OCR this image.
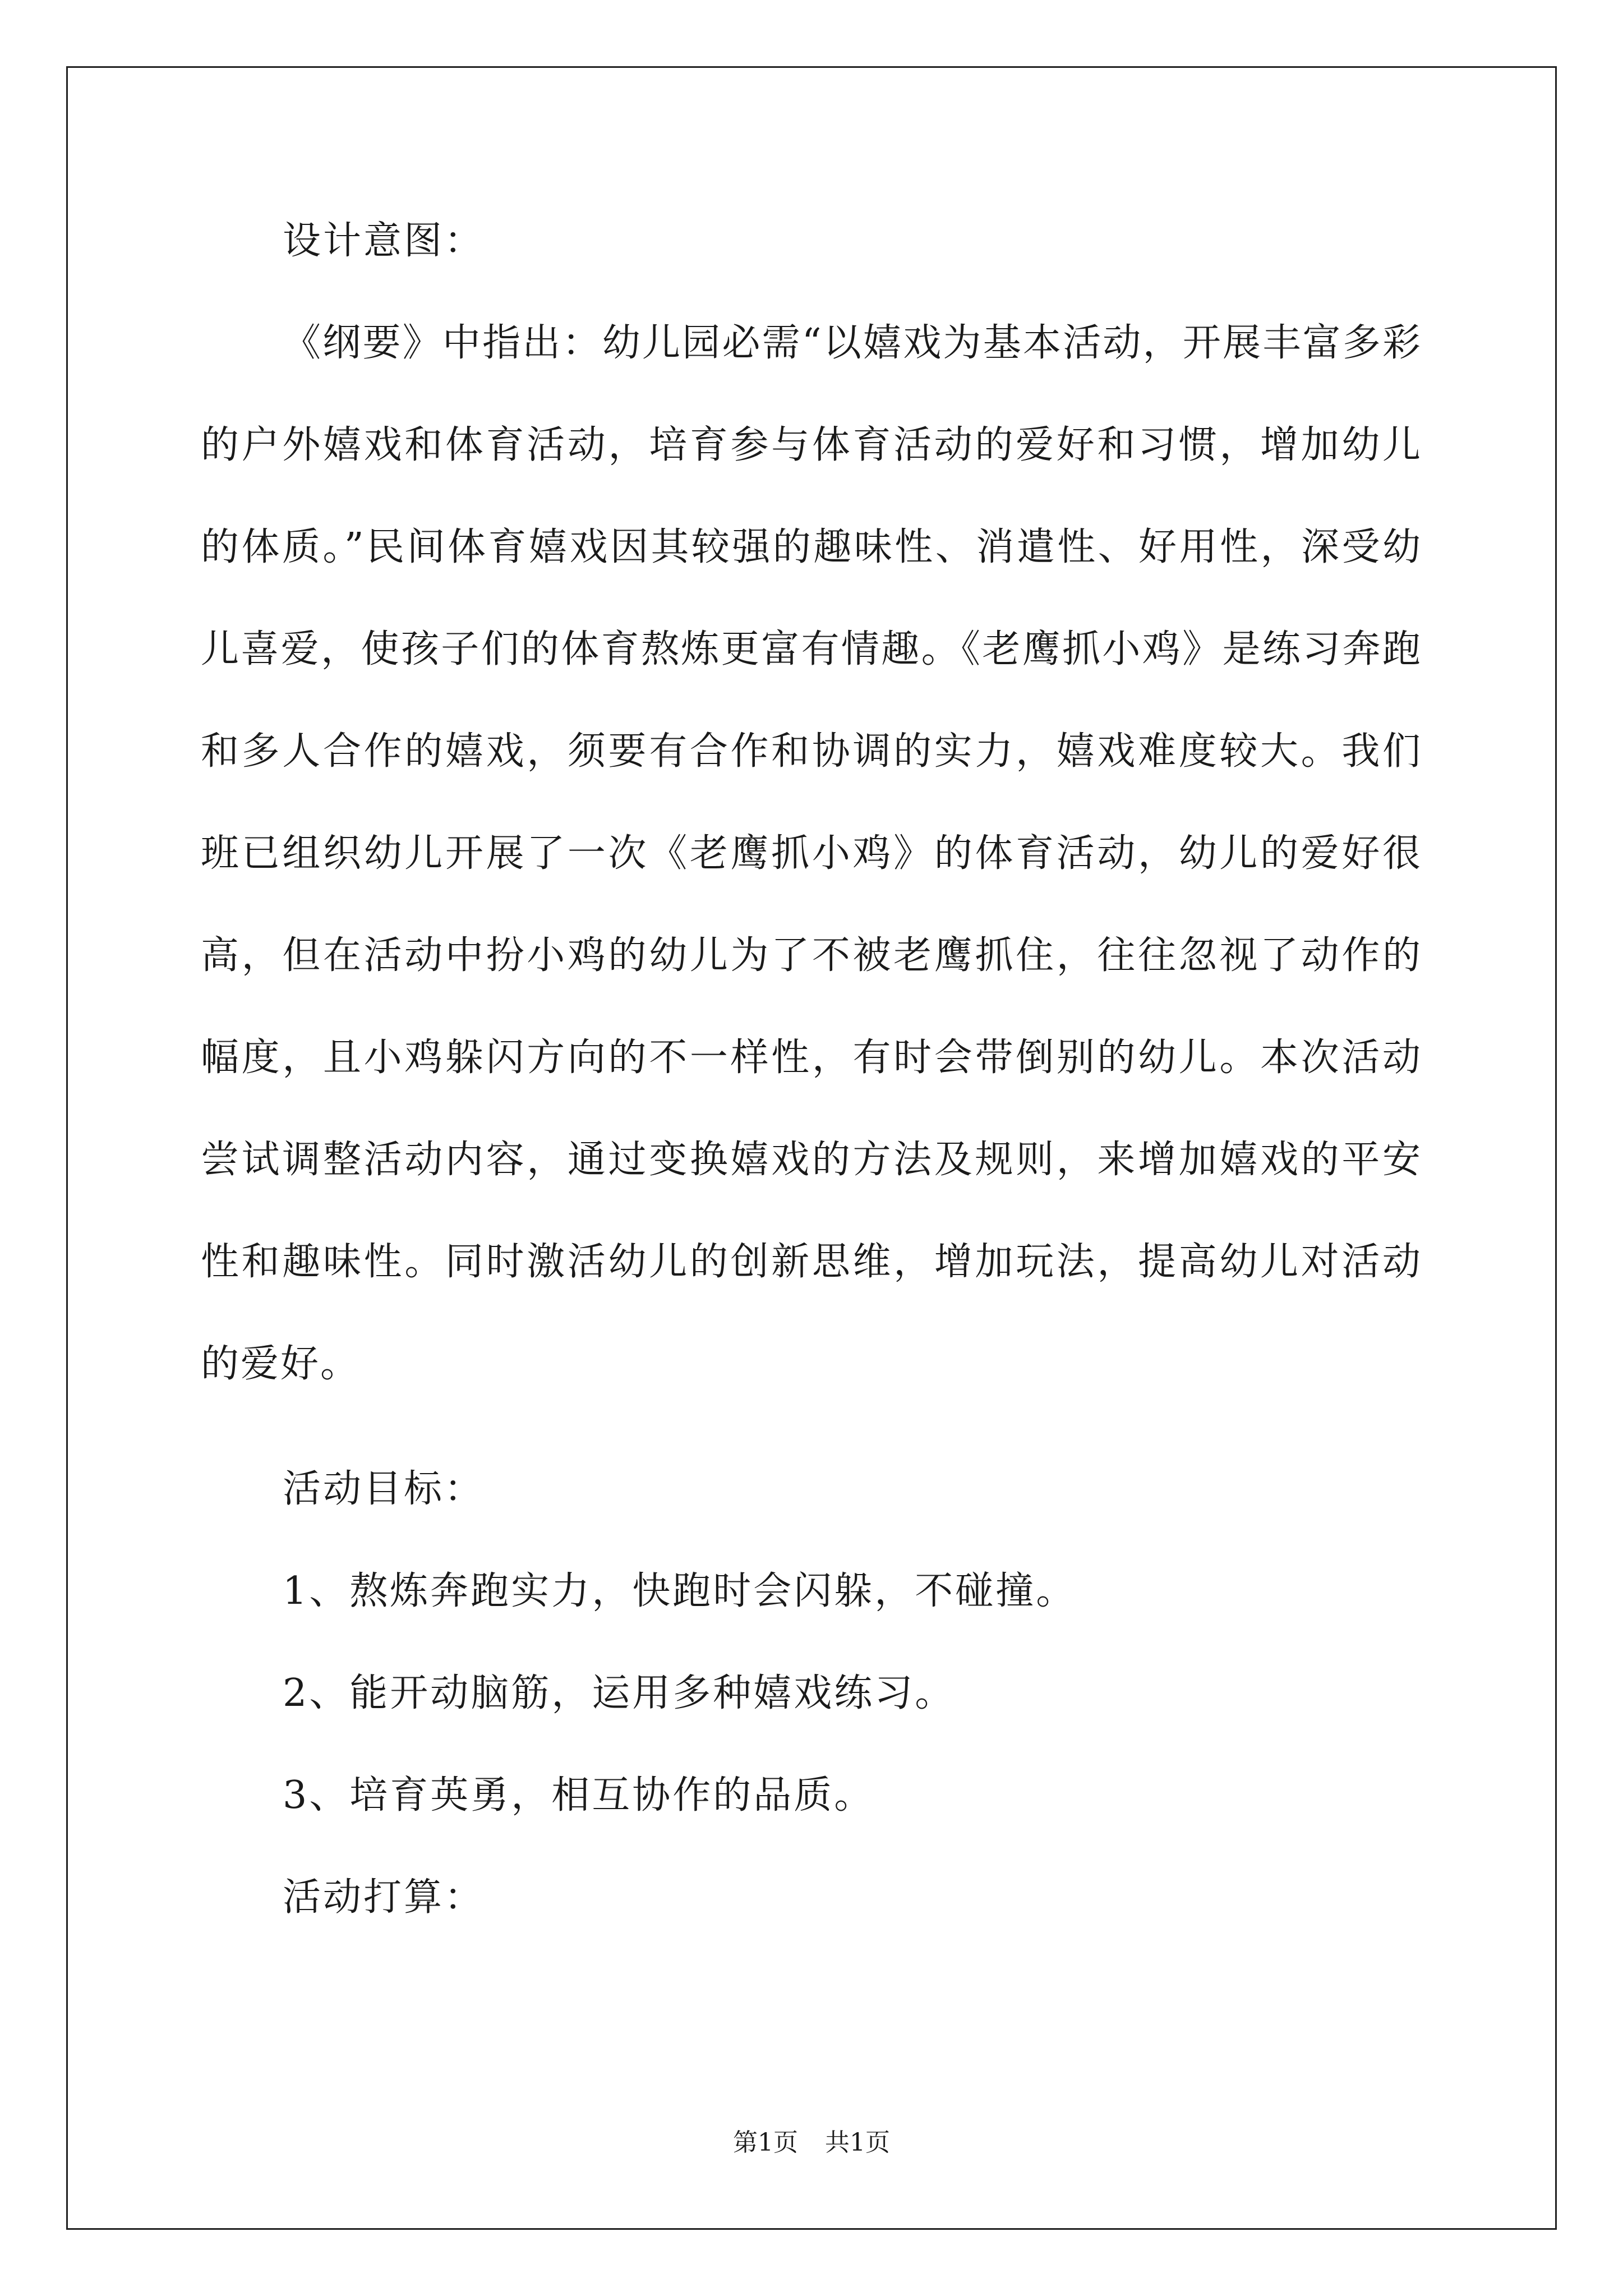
设计意图：
《纲要》中指出：幼儿园必需“以嬉戏为基本活动，开展丰富多彩的户外嬉戏和体育活动，培育参与体育活动的爱好和习惯，增加幼儿的体质。”民间体育嬉戏因其较强的趣味性、消遣性、好用性，深受幼儿喜爱，使孩子们的体育熬炼更富有情趣。《老鹰抓小鸡》是练习奔跑和多人合作的嬉戏，须要有合作和协调的实力，嬉戏难度较大。我们班已组织幼儿开展了一次《老鹰抓小鸡》的体育活动，幼儿的爱好很高，但在活动中扮小鸡的幼儿为了不被老鹰抓住，往往忽视了动作的幅度，且小鸡躲闪方向的不一样性，有时会带倒别的幼儿。本次活动尝试调整活动内容，通过变换嬉戏的方法及规则，来增加嬉戏的平安性和趣味性。同时激活幼儿的创新思维，增加玩法，提高幼儿对活动的爱好。
活动目标：
1、熬炼奔跑实力，快跑时会闪躲，不碰撞。
2、能开动脑筋，运用多种嬉戏练习。
3、培育英勇，相互协作的品质。
活动打算：
第1页 共1页
